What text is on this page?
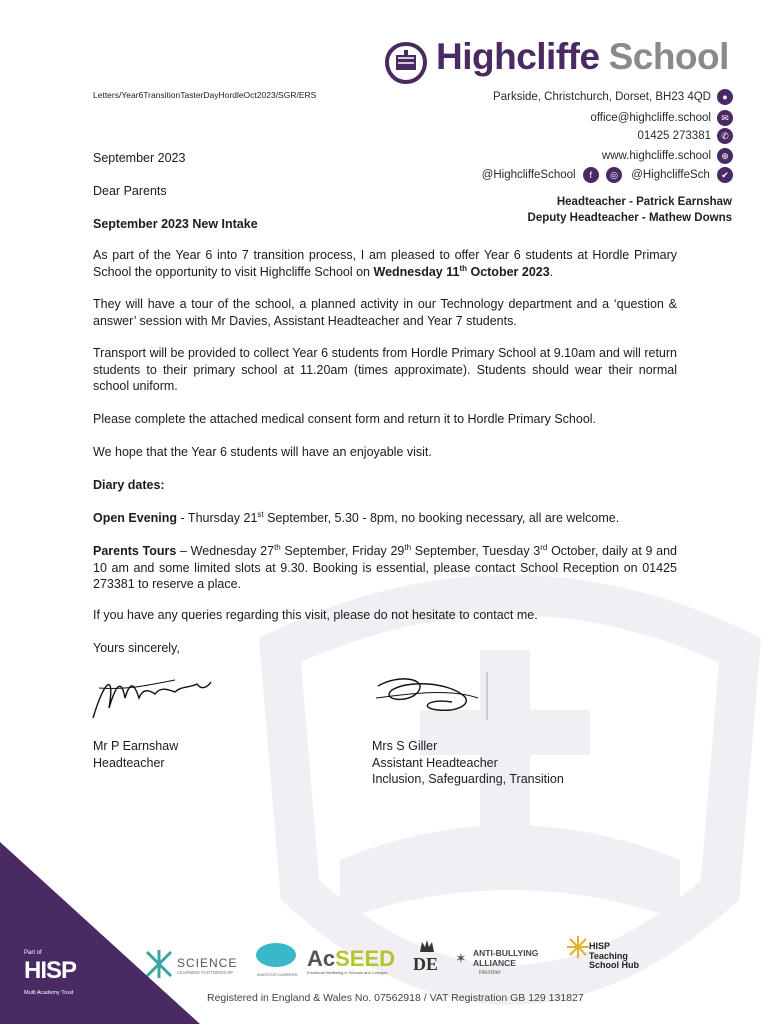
Highcliffe School
Letters/Year6TransitionTasterDayHordleOct2023/SGR/ERS	Parkside, Christchurch, Dorset, BH23 4QD ●
office@highcliffe.school ✉
01425 273381 ✆
www.highcliffe.school ⊕
@HighcliffeSchool f ◎ @HighcliffeSch ✔
Headteacher - Patrick Earnshaw
Deputy Headteacher - Mathew Downs
September 2023
Dear Parents
September 2023 New Intake
As part of the Year 6 into 7 transition process, I am pleased to offer Year 6 students at Hordle Primary School the opportunity to visit Highcliffe School on Wednesday 11th October 2023.
They will have a tour of the school, a planned activity in our Technology department and a ‘question & answer’ session with Mr Davies, Assistant Headteacher and Year 7 students.
Transport will be provided to collect Year 6 students from Hordle Primary School at 9.10am and will return students to their primary school at 11.20am (times approximate). Students should wear their normal school uniform.
Please complete the attached medical consent form and return it to Hordle Primary School.
We hope that the Year 6 students will have an enjoyable visit.
Diary dates:
Open Evening - Thursday 21st September, 5.30 - 8pm, no booking necessary, all are welcome.
Parents Tours – Wednesday 27th September, Friday 29th September, Tuesday 3rd October, daily at 9 and 10 am and some limited slots at 9.30. Booking is essential, please contact School Reception on 01425 273381 to reserve a place.
If you have any queries regarding this visit, please do not hesitate to contact me.
Yours sincerely,
Mr P Earnshaw
Headteacher
Mrs S Giller
Assistant Headteacher
Inclusion, Safeguarding, Transition
Part of
HISP
Multi Academy Trust
SCIENCE
LEARNING PARTNERSHIP	INVESTOR CAREERS
AcSEED
Emotional Wellbeing in Schools and Colleges	DE ✶ ANTI-BULLYING ALLIANCE
Member
HISP Teaching School Hub
Registered in England & Wales No. 07562918 / VAT Registration GB 129 131827
